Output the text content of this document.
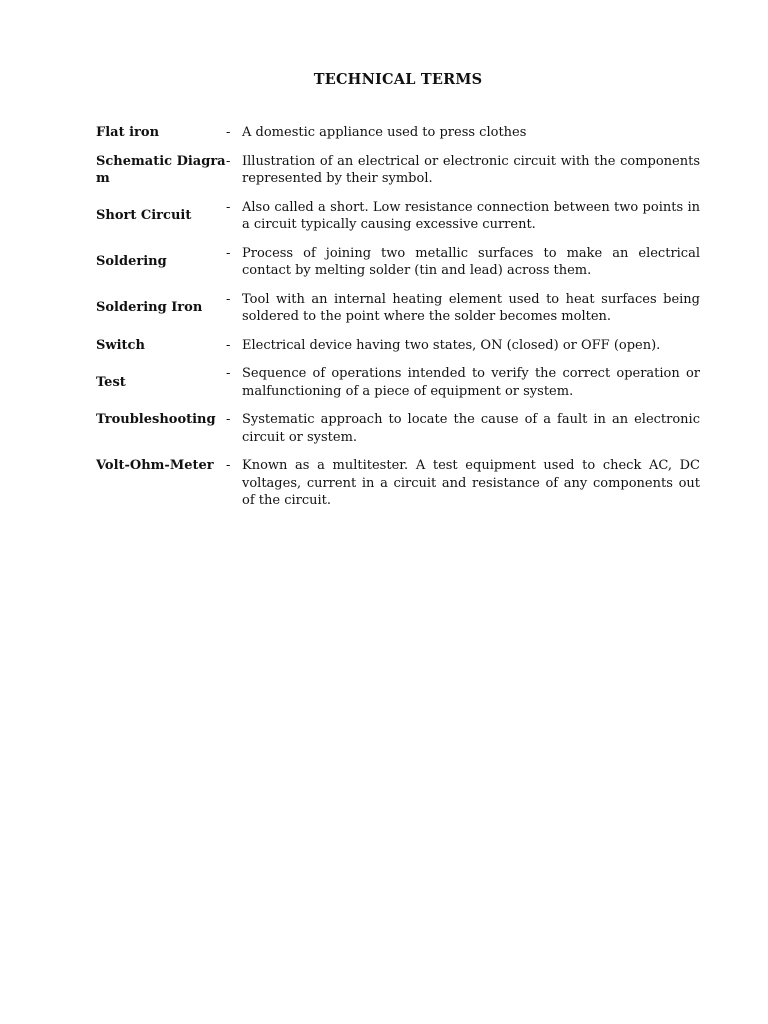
TECHNICAL TERMS
Flat iron	- A domestic appliance used to press clothes
Schematic Diagram
- Illustration of an electrical or electronic circuit with the components represented by their symbol.
Short Circuit
- Also called a short. Low resistance connection between two points in a circuit typically causing excessive current.
Soldering
- Process of joining two metallic surfaces to make an electrical contact by melting solder (tin and lead) across them.
Soldering Iron
- Tool with an internal heating element used to heat surfaces being soldered to the point where the solder becomes molten.
Switch	- Electrical device having two states, ON (closed) or OFF (open).
Test
- Sequence of operations intended to verify the correct operation or malfunctioning of a piece of equipment or system.
Troubleshooting - Systematic approach to locate the cause of a fault in an electronic circuit or system.
Volt-Ohm-Meter - Known as a multitester. A test equipment used to check AC, DC voltages, current in a circuit and resistance of any components out of the circuit.
